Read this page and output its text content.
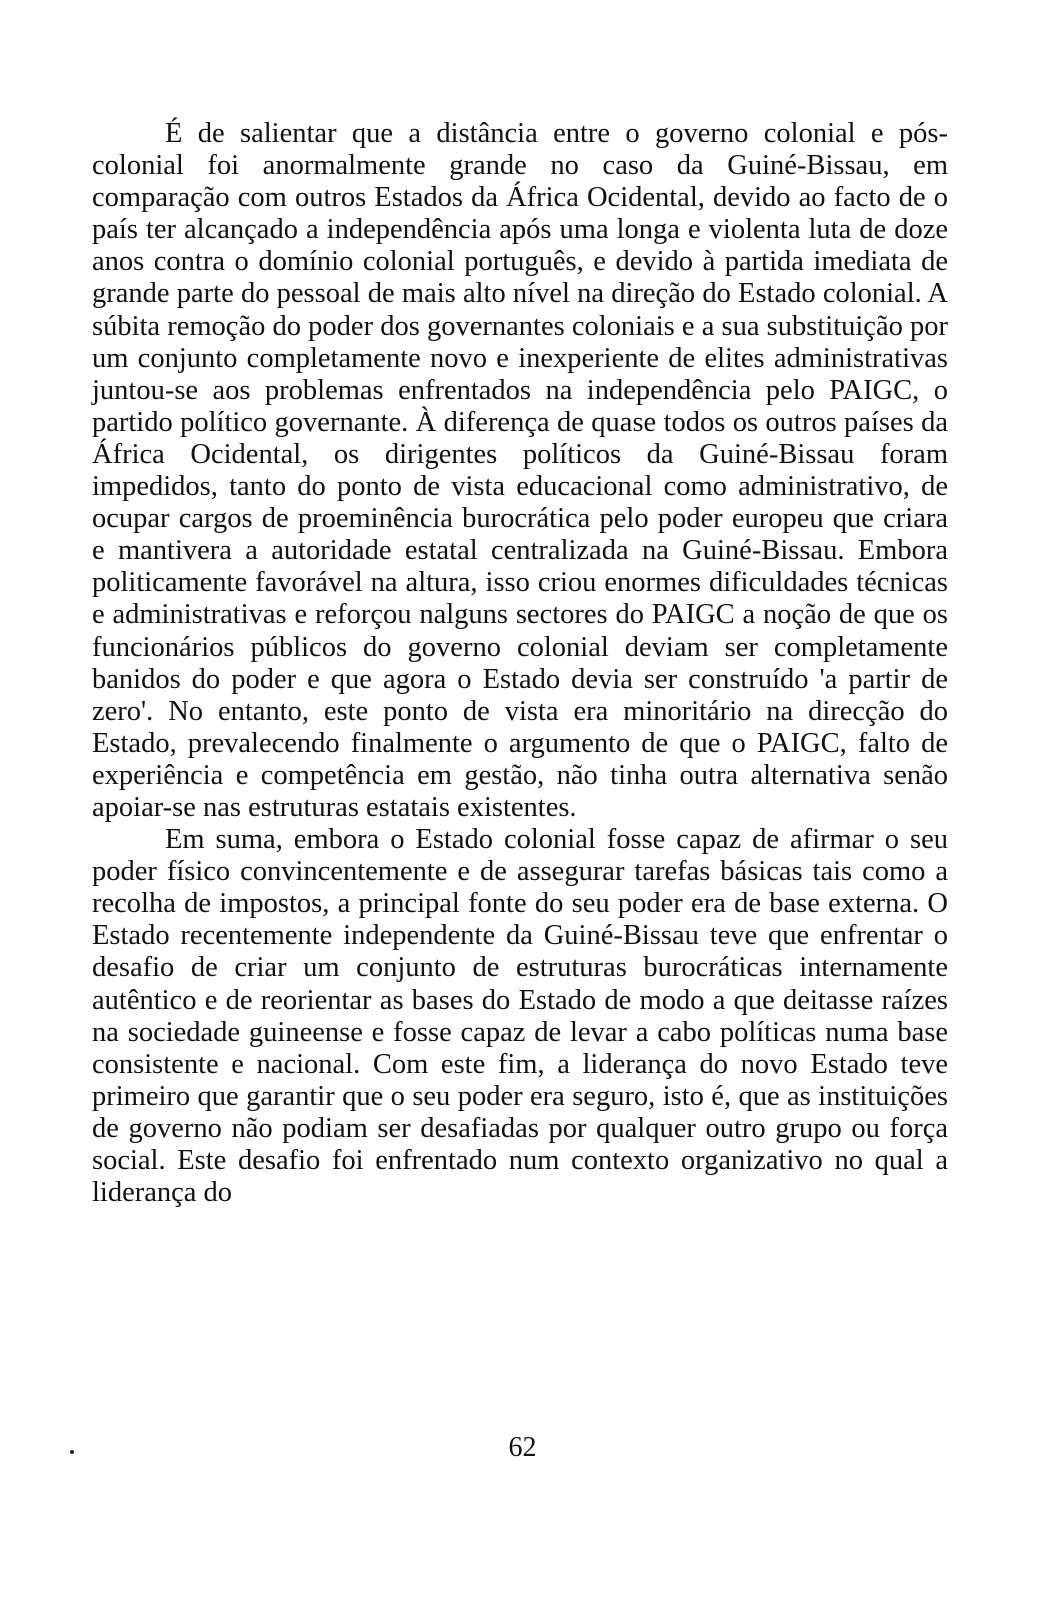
É de salientar que a distância entre o governo colonial e pós-colonial foi anormalmente grande no caso da Guiné-Bissau, em comparação com outros Estados da África Ocidental, devido ao facto de o país ter alcançado a independência após uma longa e violenta luta de doze anos contra o domínio colonial português, e devido à partida imediata de grande parte do pessoal de mais alto nível na direção do Estado colonial. A súbita remoção do poder dos governantes coloniais e a sua substituição por um conjunto completamente novo e inexperiente de elites administrativas juntou-se aos problemas enfrentados na independência pelo PAIGC, o partido político governante. À diferença de quase todos os outros países da África Ocidental, os dirigentes políticos da Guiné-Bissau foram impedidos, tanto do ponto de vista educacional como administrativo, de ocupar cargos de proeminência burocrática pelo poder europeu que criara e mantivera a autoridade estatal centralizada na Guiné-Bissau. Embora politicamente favorável na altura, isso criou enormes dificuldades técnicas e administrativas e reforçou nalguns sectores do PAIGC a noção de que os funcionários públicos do governo colonial deviam ser completamente banidos do poder e que agora o Estado devia ser construído 'a partir de zero'. No entanto, este ponto de vista era minoritário na direcção do Estado, prevalecendo finalmente o argumento de que o PAIGC, falto de experiência e competência em gestão, não tinha outra alternativa senão apoiar-se nas estruturas estatais existentes.

Em suma, embora o Estado colonial fosse capaz de afirmar o seu poder físico convincentemente e de assegurar tarefas básicas tais como a recolha de impostos, a principal fonte do seu poder era de base externa. O Estado recentemente independente da Guiné-Bissau teve que enfrentar o desafio de criar um conjunto de estruturas burocráticas internamente autêntico e de reorientar as bases do Estado de modo a que deitasse raízes na sociedade guineense e fosse capaz de levar a cabo políticas numa base consistente e nacional. Com este fim, a liderança do novo Estado teve primeiro que garantir que o seu poder era seguro, isto é, que as instituições de governo não podiam ser desafiadas por qualquer outro grupo ou força social. Este desafio foi enfrentado num contexto organizativo no qual a liderança do

62
